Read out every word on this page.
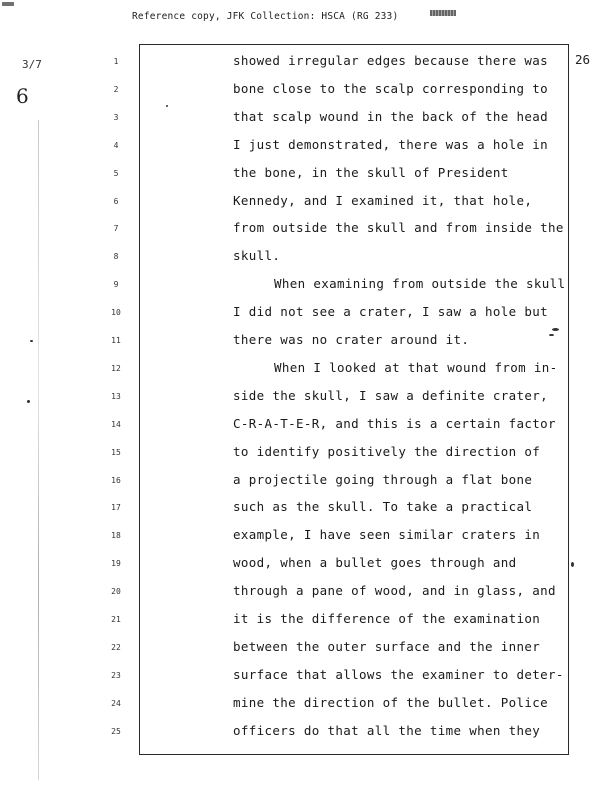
Reference copy, JFK Collection: HSCA (RG 233)
3/7
6
26
1	showed irregular edges because there was
2	bone close to the scalp corresponding to
3	that scalp wound in the back of the head
4	I just demonstrated, there was a hole in
5	the bone, in the skull of President
6	Kennedy, and I examined it, that hole,
7	from outside the skull and from inside the
8	skull.
9	When examining from outside the skull
10	I did not see a crater, I saw a hole but
11	there was no crater around it.
12	When I looked at that wound from in-
13	side the skull, I saw a definite crater,
14	C-R-A-T-E-R, and this is a certain factor
15	to identify positively the direction of
16	a projectile going through a flat bone
17	such as the skull. To take a practical
18	example, I have seen similar craters in
19	wood, when a bullet goes through and
20	through a pane of wood, and in glass, and
21	it is the difference of the examination
22	between the outer surface and the inner
23	surface that allows the examiner to deter-
24	mine the direction of the bullet. Police
25	officers do that all the time when they
